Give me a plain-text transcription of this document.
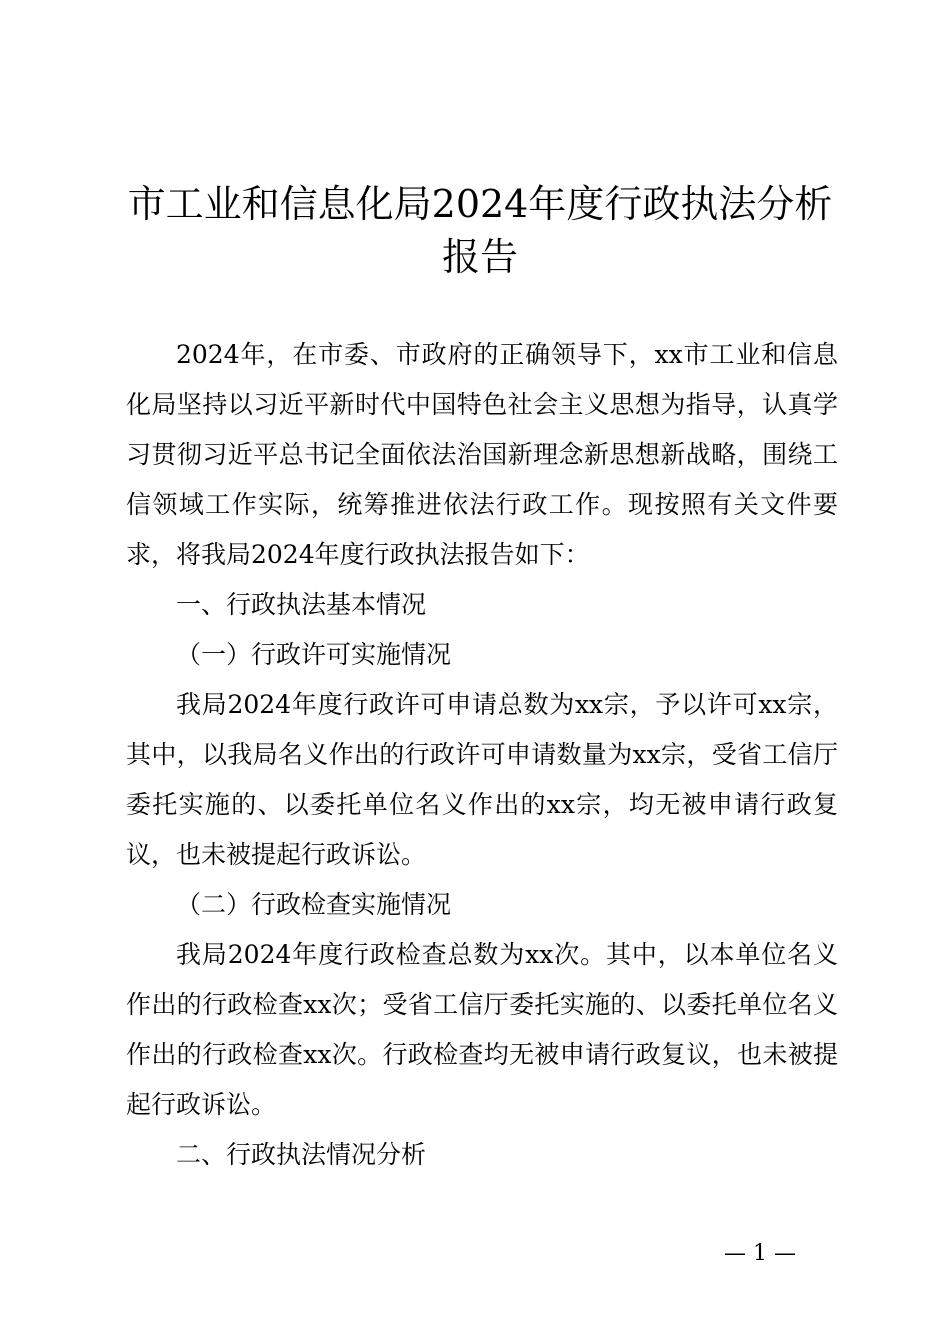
市工业和信息化局2024年度行政执法分析报告

2024年，在市委、市政府的正确领导下，xx市工业和信息化局坚持以习近平新时代中国特色社会主义思想为指导，认真学习贯彻习近平总书记全面依法治国新理念新思想新战略，围绕工信领域工作实际，统筹推进依法行政工作。现按照有关文件要求，将我局2024年度行政执法报告如下：

一、行政执法基本情况

（一）行政许可实施情况

我局2024年度行政许可申请总数为xx宗，予以许可xx宗，其中，以我局名义作出的行政许可申请数量为xx宗，受省工信厅委托实施的、以委托单位名义作出的xx宗，均无被申请行政复议，也未被提起行政诉讼。

（二）行政检查实施情况

我局2024年度行政检查总数为xx次。其中，以本单位名义作出的行政检查xx次；受省工信厅委托实施的、以委托单位名义作出的行政检查xx次。行政检查均无被申请行政复议，也未被提起行政诉讼。

二、行政执法情况分析

— 1 —
